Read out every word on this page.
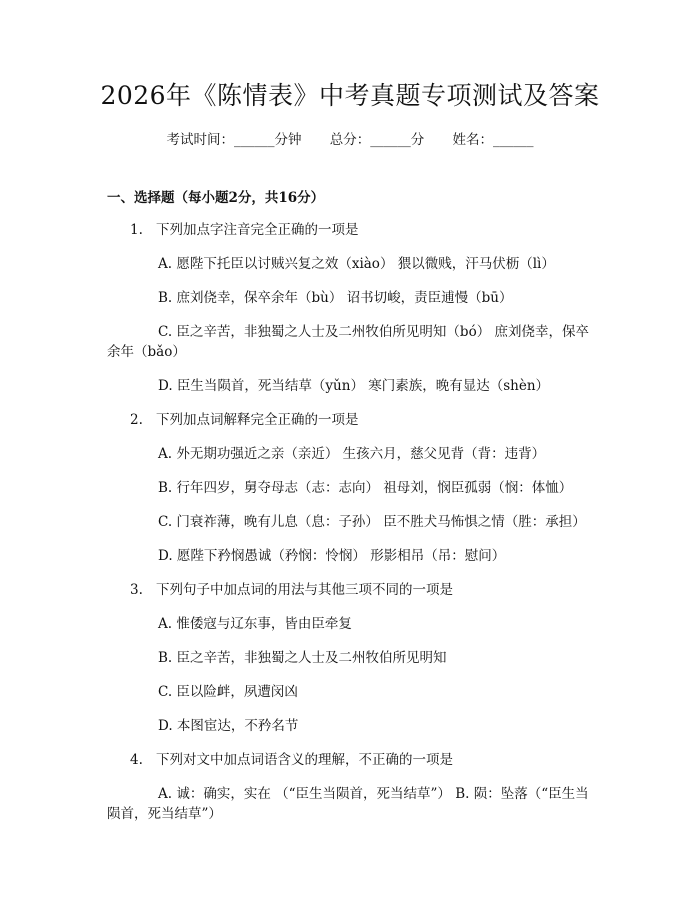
2026年《陈情表》中考真题专项测试及答案
考试时间：______分钟 总分：______分 姓名：______
一、选择题（每小题2分，共16分）
1. 下列加点字注音完全正确的一项是
A. 愿陛下托臣以讨贼兴复之效（xiào） 猥以微贱，汗马伏枥（lì）
B. 庶刘侥幸，保卒余年（bù） 诏书切峻，责臣逋慢（bū）
C. 臣之辛苦，非独蜀之人士及二州牧伯所见明知（bó） 庶刘侥幸，保卒余年（bǎo）
D. 臣生当陨首，死当结草（yǔn） 寒门素族，晚有显达（shèn）
2. 下列加点词解释完全正确的一项是
A. 外无期功强近之亲（亲近） 生孩六月，慈父见背（背：违背）
B. 行年四岁，舅夺母志（志：志向） 祖母刘，悯臣孤弱（悯：体恤）
C. 门衰祚薄，晚有儿息（息：子孙） 臣不胜犬马怖惧之情（胜：承担）
D. 愿陛下矜悯愚诚（矜悯：怜悯） 形影相吊（吊：慰问）
3. 下列句子中加点词的用法与其他三项不同的一项是
A. 惟倭寇与辽东事，皆由臣牵复
B. 臣之辛苦，非独蜀之人士及二州牧伯所见明知
C. 臣以险衅，夙遭闵凶
D. 本图宦达，不矜名节
4. 下列对文中加点词语含义的理解，不正确的一项是
A. 诚：确实，实在 （“臣生当陨首，死当结草”） B. 陨：坠落（“臣生当陨首，死当结草”）
